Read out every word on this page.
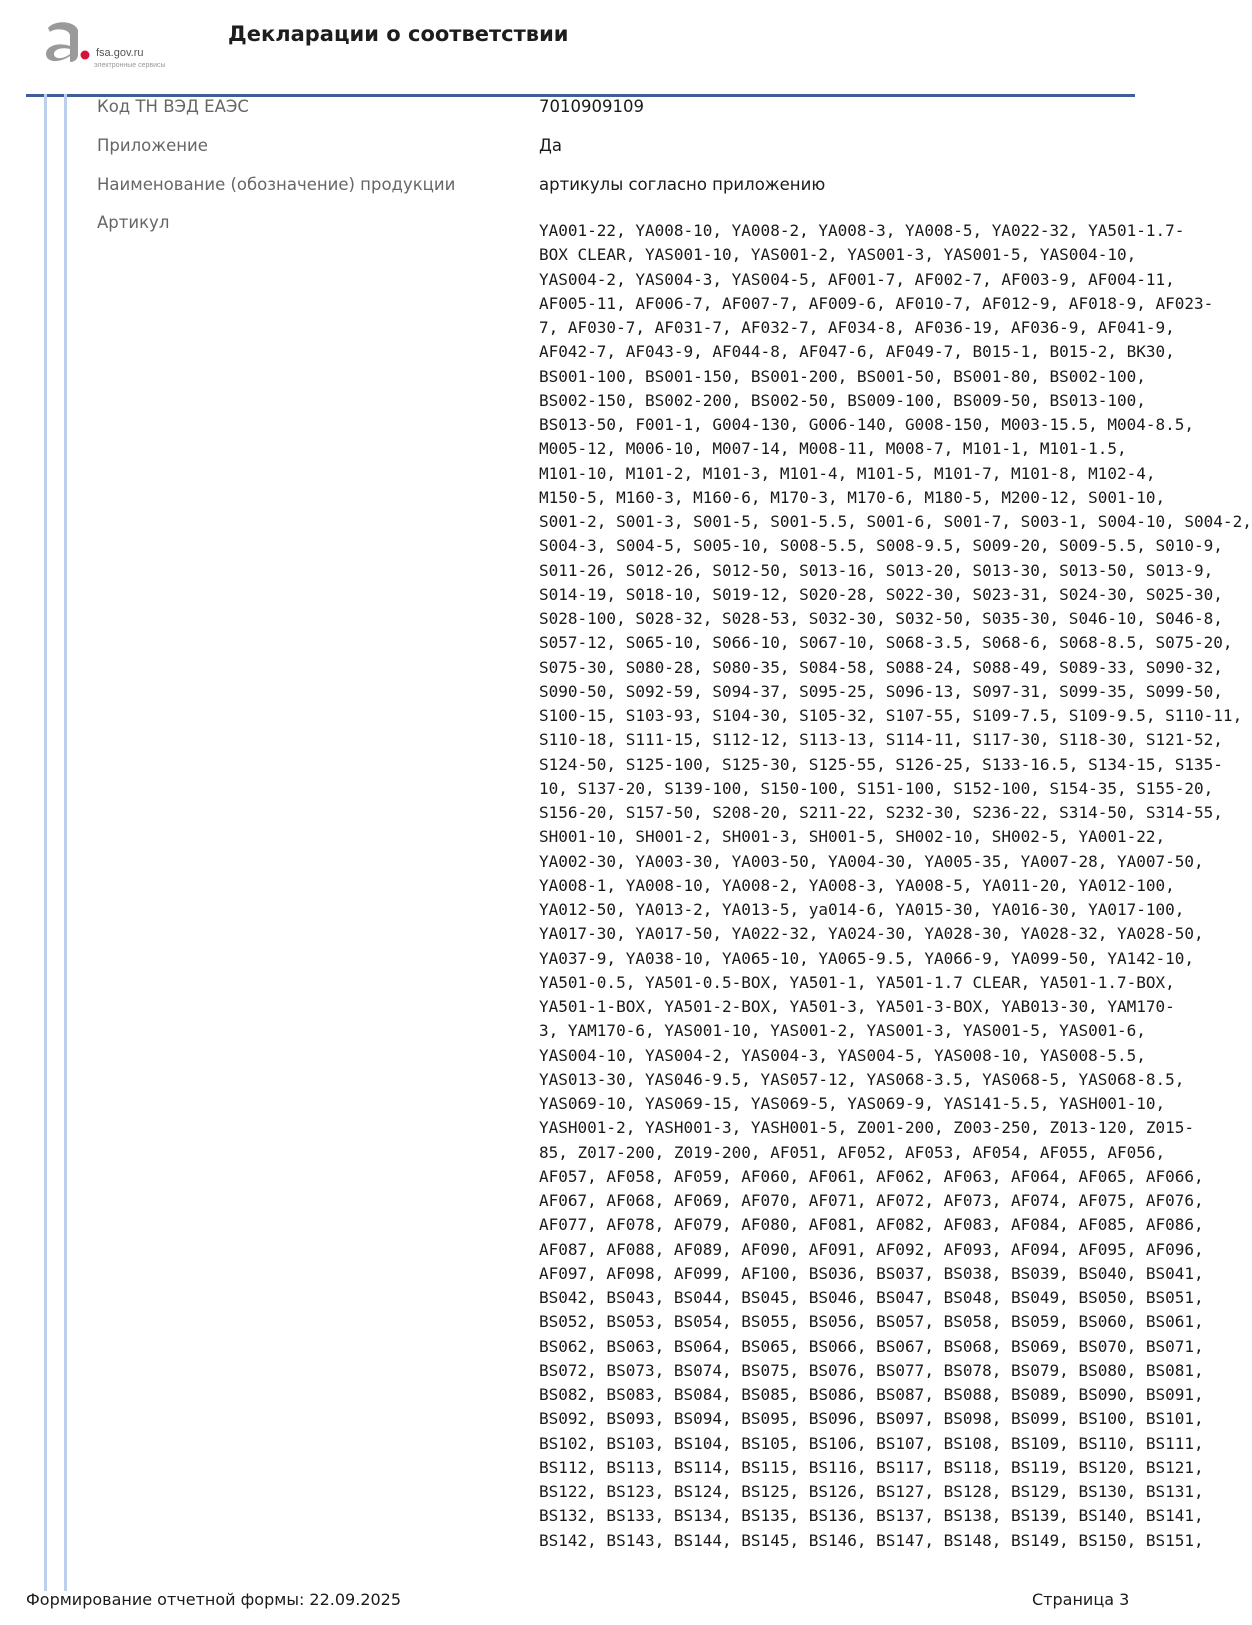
fsa.gov.ru
электронные сервисы
Декларации о соответствии
Код ТН ВЭД ЕАЭС	7010909109
Приложение	Да
Наименование (обозначение) продукции	артикулы согласно приложению
Артикул	YA001-22, YA008-10, YA008-2, YA008-3, YA008-5, YA022-32, YA501-1.7-
BOX CLEAR, YAS001-10, YAS001-2, YAS001-3, YAS001-5, YAS004-10,
YAS004-2, YAS004-3, YAS004-5, AF001-7, AF002-7, AF003-9, AF004-11,
AF005-11, AF006-7, AF007-7, AF009-6, AF010-7, AF012-9, AF018-9, AF023-
7, AF030-7, AF031-7, AF032-7, AF034-8, AF036-19, AF036-9, AF041-9,
AF042-7, AF043-9, AF044-8, AF047-6, AF049-7, B015-1, B015-2, BK30,
BS001-100, BS001-150, BS001-200, BS001-50, BS001-80, BS002-100,
BS002-150, BS002-200, BS002-50, BS009-100, BS009-50, BS013-100,
BS013-50, F001-1, G004-130, G006-140, G008-150, M003-15.5, M004-8.5,
M005-12, M006-10, M007-14, M008-11, M008-7, M101-1, M101-1.5,
M101-10, M101-2, M101-3, M101-4, M101-5, M101-7, M101-8, M102-4,
M150-5, M160-3, M160-6, M170-3, M170-6, M180-5, M200-12, S001-10,
S001-2, S001-3, S001-5, S001-5.5, S001-6, S001-7, S003-1, S004-10, S004-2,
S004-3, S004-5, S005-10, S008-5.5, S008-9.5, S009-20, S009-5.5, S010-9,
S011-26, S012-26, S012-50, S013-16, S013-20, S013-30, S013-50, S013-9,
S014-19, S018-10, S019-12, S020-28, S022-30, S023-31, S024-30, S025-30,
S028-100, S028-32, S028-53, S032-30, S032-50, S035-30, S046-10, S046-8,
S057-12, S065-10, S066-10, S067-10, S068-3.5, S068-6, S068-8.5, S075-20,
S075-30, S080-28, S080-35, S084-58, S088-24, S088-49, S089-33, S090-32,
S090-50, S092-59, S094-37, S095-25, S096-13, S097-31, S099-35, S099-50,
S100-15, S103-93, S104-30, S105-32, S107-55, S109-7.5, S109-9.5, S110-11,
S110-18, S111-15, S112-12, S113-13, S114-11, S117-30, S118-30, S121-52,
S124-50, S125-100, S125-30, S125-55, S126-25, S133-16.5, S134-15, S135-
10, S137-20, S139-100, S150-100, S151-100, S152-100, S154-35, S155-20,
S156-20, S157-50, S208-20, S211-22, S232-30, S236-22, S314-50, S314-55,
SH001-10, SH001-2, SH001-3, SH001-5, SH002-10, SH002-5, YA001-22,
YA002-30, YA003-30, YA003-50, YA004-30, YA005-35, YA007-28, YA007-50,
YA008-1, YA008-10, YA008-2, YA008-3, YA008-5, YA011-20, YA012-100,
YA012-50, YA013-2, YA013-5, ya014-6, YA015-30, YA016-30, YA017-100,
YA017-30, YA017-50, YA022-32, YA024-30, YA028-30, YA028-32, YA028-50,
YA037-9, YA038-10, YA065-10, YA065-9.5, YA066-9, YA099-50, YA142-10,
YA501-0.5, YA501-0.5-BOX, YA501-1, YA501-1.7 CLEAR, YA501-1.7-BOX,
YA501-1-BOX, YA501-2-BOX, YA501-3, YA501-3-BOX, YAB013-30, YAM170-
3, YAM170-6, YAS001-10, YAS001-2, YAS001-3, YAS001-5, YAS001-6,
YAS004-10, YAS004-2, YAS004-3, YAS004-5, YAS008-10, YAS008-5.5,
YAS013-30, YAS046-9.5, YAS057-12, YAS068-3.5, YAS068-5, YAS068-8.5,
YAS069-10, YAS069-15, YAS069-5, YAS069-9, YAS141-5.5, YASH001-10,
YASH001-2, YASH001-3, YASH001-5, Z001-200, Z003-250, Z013-120, Z015-
85, Z017-200, Z019-200, AF051, AF052, AF053, AF054, AF055, AF056,
AF057, AF058, AF059, AF060, AF061, AF062, AF063, AF064, AF065, AF066,
AF067, AF068, AF069, AF070, AF071, AF072, AF073, AF074, AF075, AF076,
AF077, AF078, AF079, AF080, AF081, AF082, AF083, AF084, AF085, AF086,
AF087, AF088, AF089, AF090, AF091, AF092, AF093, AF094, AF095, AF096,
AF097, AF098, AF099, AF100, BS036, BS037, BS038, BS039, BS040, BS041,
BS042, BS043, BS044, BS045, BS046, BS047, BS048, BS049, BS050, BS051,
BS052, BS053, BS054, BS055, BS056, BS057, BS058, BS059, BS060, BS061,
BS062, BS063, BS064, BS065, BS066, BS067, BS068, BS069, BS070, BS071,
BS072, BS073, BS074, BS075, BS076, BS077, BS078, BS079, BS080, BS081,
BS082, BS083, BS084, BS085, BS086, BS087, BS088, BS089, BS090, BS091,
BS092, BS093, BS094, BS095, BS096, BS097, BS098, BS099, BS100, BS101,
BS102, BS103, BS104, BS105, BS106, BS107, BS108, BS109, BS110, BS111,
BS112, BS113, BS114, BS115, BS116, BS117, BS118, BS119, BS120, BS121,
BS122, BS123, BS124, BS125, BS126, BS127, BS128, BS129, BS130, BS131,
BS132, BS133, BS134, BS135, BS136, BS137, BS138, BS139, BS140, BS141,
BS142, BS143, BS144, BS145, BS146, BS147, BS148, BS149, BS150, BS151,
Формирование отчетной формы: 22.09.2025	Страница 3
